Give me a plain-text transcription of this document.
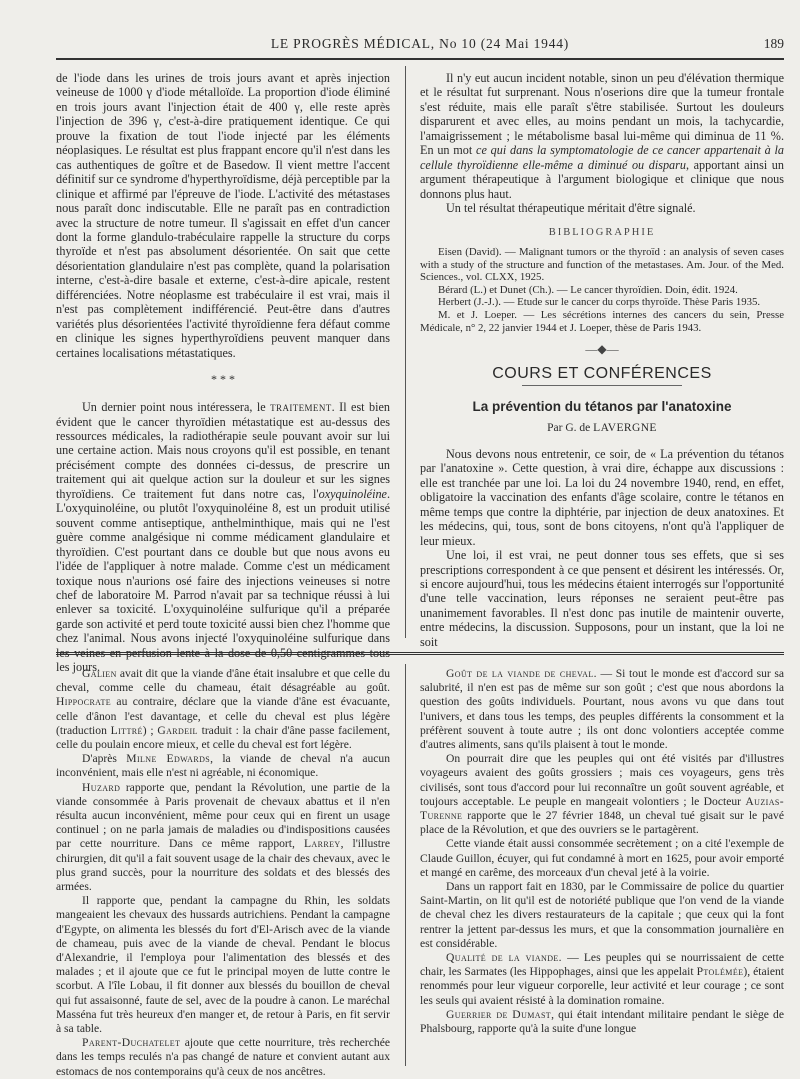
LE PROGRÈS MÉDICAL, No 10 (24 Mai 1944)	189

de l'iode dans les urines de trois jours avant et après injection veineuse de 1000 γ d'iode métalloïde. La proportion d'iode éliminé en trois jours avant l'injection était de 400 γ, elle reste après l'injection de 396 γ, c'est-à-dire pratiquement identique. Ce qui prouve la fixation de tout l'iode injecté par les éléments néoplasiques. Le résultat est plus frappant encore qu'il n'est dans les cas authentiques de goître et de Basedow. Il vient mettre l'accent définitif sur ce syndrome d'hyperthyroïdisme, déjà perceptible par la clinique et affirmé par l'épreuve de l'iode. L'activité des métastases nous paraît donc indiscutable. Elle ne paraît pas en contradiction avec la structure de notre tumeur. Il s'agissait en effet d'un cancer dont la forme glandulo-trabéculaire rappelle la structure du corps thyroïde et n'est pas absolument désorientée. On sait que cette désorientation glandulaire n'est pas complète, quand la polarisation interne, c'est-à-dire basale et externe, c'est-à-dire apicale, restent différenciées. Notre néoplasme est trabéculaire il est vrai, mais il n'est pas complètement indifférencié. Peut-être dans d'autres variétés plus désorientées l'activité thyroïdienne fera défaut comme en clinique les signes hyperthyroïdiens peuvent manquer dans certaines localisations métastatiques.

* * *

Un dernier point nous intéressera, le traitement. Il est bien évident que le cancer thyroïdien métastatique est au-dessus des ressources médicales, la radiothérapie seule pouvant avoir sur lui une certaine action. Mais nous croyons qu'il est possible, en tenant précisément compte des données ci-dessus, de prescrire un traitement qui ait quelque action sur la douleur et sur les signes thyroïdiens. Ce traitement fut dans notre cas, l'oxyquinoléine. L'oxyquinoléine, ou plutôt l'oxyquinoléine 8, est un produit utilisé souvent comme antiseptique, anthelminthique, mais qui ne l'est guère comme analgésique ni comme médicament glandulaire et thyroïdien. C'est pourtant dans ce double but que nous avons eu l'idée de l'appliquer à notre malade. Comme c'est un médicament toxique nous n'aurions osé faire des injections veineuses si notre chef de laboratoire M. Parrod n'avait par sa technique réussi à lui enlever sa toxicité. L'oxyquinoléine sulfurique qu'il a préparée garde son activité et perd toute toxicité aussi bien chez l'homme que chez l'animal. Nous avons injecté l'oxyquinoléine sulfurique dans les veines en perfusion lente à la dose de 0,50 centigrammes tous les jours.

Il n'y eut aucun incident notable, sinon un peu d'élévation thermique et le résultat fut surprenant. Nous n'oserions dire que la tumeur frontale s'est réduite, mais elle paraît s'être stabilisée. Surtout les douleurs disparurent et avec elles, au moins pendant un mois, la tachycardie, l'amaigrissement ; le métabolisme basal lui-même qui diminua de 11 %. En un mot ce qui dans la symptomatologie de ce cancer appartenait à la cellule thyroïdienne elle-même a diminué ou disparu, apportant ainsi un argument thérapeutique à l'argument biologique et clinique que nous donnons plus haut.

Un tel résultat thérapeutique méritait d'être signalé.

BIBLIOGRAPHIE

Eisen (David). — Malignant tumors or the thyroïd : an analysis of seven cases with a study of the structure and function of the metastases. Am. Jour. of the Med. Sciences., vol. CLXX, 1925.

Bérard (L.) et Dunet (Ch.). — Le cancer thyroïdien. Doin, édit. 1924.

Herbert (J.-J.). — Etude sur le cancer du corps thyroïde. Thèse Paris 1935.

M. et J. Loeper. — Les sécrétions internes des cancers du sein, Presse Médicale, n° 2, 22 janvier 1944 et J. Loeper, thèse de Paris 1943.

—◆—
COURS ET CONFÉRENCES
La prévention du tétanos par l'anatoxine
Par G. de LAVERGNE

Nous devons nous entretenir, ce soir, de « La prévention du tétanos par l'anatoxine ». Cette question, à vrai dire, échappe aux discussions : elle est tranchée par une loi. La loi du 24 novembre 1940, rend, en effet, obligatoire la vaccination des enfants d'âge scolaire, contre le tétanos en même temps que contre la diphtérie, par injection de deux anatoxines. Et les médecins, qui, tous, sont de bons citoyens, n'ont qu'à l'appliquer de leur mieux.

Une loi, il est vrai, ne peut donner tous ses effets, que si ses prescriptions correspondent à ce que pensent et désirent les intéressés. Or, si encore aujourd'hui, tous les médecins étaient interrogés sur l'opportunité d'une telle vaccination, leurs réponses ne seraient peut-être pas unanimement favorables. Il n'est donc pas inutile de maintenir ouverte, entre médecins, la discussion. Supposons, pour un instant, que la loi ne soit

Galien avait dit que la viande d'âne était insalubre et que celle du cheval, comme celle du chameau, était désagréable au goût. Hippocrate au contraire, déclare que la viande d'âne est évacuante, celle d'ânon l'est davantage, et celle du cheval est plus légère (traduction Littré) ; Gardeil traduit : la chair d'âne passe facilement, celle du poulain encore mieux, et celle du cheval est fort légère.

D'après Milne Edwards, la viande de cheval n'a aucun inconvénient, mais elle n'est ni agréable, ni économique.

Huzard rapporte que, pendant la Révolution, une partie de la viande consommée à Paris provenait de chevaux abattus et il n'en résulta aucun inconvénient, même pour ceux qui en firent un usage continuel ; on ne parla jamais de maladies ou d'indispositions causées par cette nourriture. Dans ce même rapport, Larrey, l'illustre chirurgien, dit qu'il a fait souvent usage de la chair des chevaux, avec le plus grand succès, pour la nourriture des soldats et des blessés des armées.

Il rapporte que, pendant la campagne du Rhin, les soldats mangeaient les chevaux des hussards autrichiens. Pendant la campagne d'Egypte, on alimenta les blessés du fort d'El-Arisch avec de la viande de chameau, puis avec de la viande de cheval. Pendant le blocus d'Alexandrie, il l'employa pour l'alimentation des blessés et des malades ; et il ajoute que ce fut le principal moyen de lutte contre le scorbut. A l'île Lobau, il fit donner aux blessés du bouillon de cheval qui fut assaisonné, faute de sel, avec de la poudre à canon. Le maréchal Masséna fut très heureux d'en manger et, de retour à Paris, en fit servir à sa table.

Parent-Duchatelet ajoute que cette nourriture, très recherchée dans les temps reculés n'a pas changé de nature et convient autant aux estomacs de nos contemporains qu'à ceux de nos ancêtres.

Goût de la viande de cheval. — Si tout le monde est d'accord sur sa salubrité, il n'en est pas de même sur son goût ; c'est que nous abordons la question des goûts individuels. Pourtant, nous avons vu que dans tout l'univers, et dans tous les temps, des peuples différents la consomment et la préfèrent souvent à toute autre ; ils ont donc volontiers acceptée comme d'autres aliments, sans qu'ils plaisent à tout le monde.

On pourrait dire que les peuples qui ont été visités par d'illustres voyageurs avaient des goûts grossiers ; mais ces voyageurs, gens très civilisés, sont tous d'accord pour lui reconnaître un goût souvent agréable, et toujours acceptable. Le peuple en mangeait volontiers ; le Docteur Auzias-Turenne rapporte que le 27 février 1848, un cheval tué gisait sur le pavé place de la Révolution, et que des ouvriers se le partagèrent.

Cette viande était aussi consommée secrètement ; on a cité l'exemple de Claude Guillon, écuyer, qui fut condamné à mort en 1625, pour avoir emporté et mangé en carême, des morceaux d'un cheval jeté à la voirie.

Dans un rapport fait en 1830, par le Commissaire de police du quartier Saint-Martin, on lit qu'il est de notoriété publique que l'on vend de la viande de cheval chez les divers restaurateurs de la capitale ; que ceux qui la font rentrer la jettent par-dessus les murs, et que la consommation journalière en est considérable.

Qualité de la viande. — Les peuples qui se nourrissaient de cette chair, les Sarmates (les Hippophages, ainsi que les appelait Ptolémée), étaient renommés pour leur vigueur corporelle, leur activité et leur courage ; ce sont les seuls qui avaient résisté à la domination romaine.

Guerrier de Dumast, qui était intendant militaire pendant le siège de Phalsbourg, rapporte qu'à la suite d'une longue
